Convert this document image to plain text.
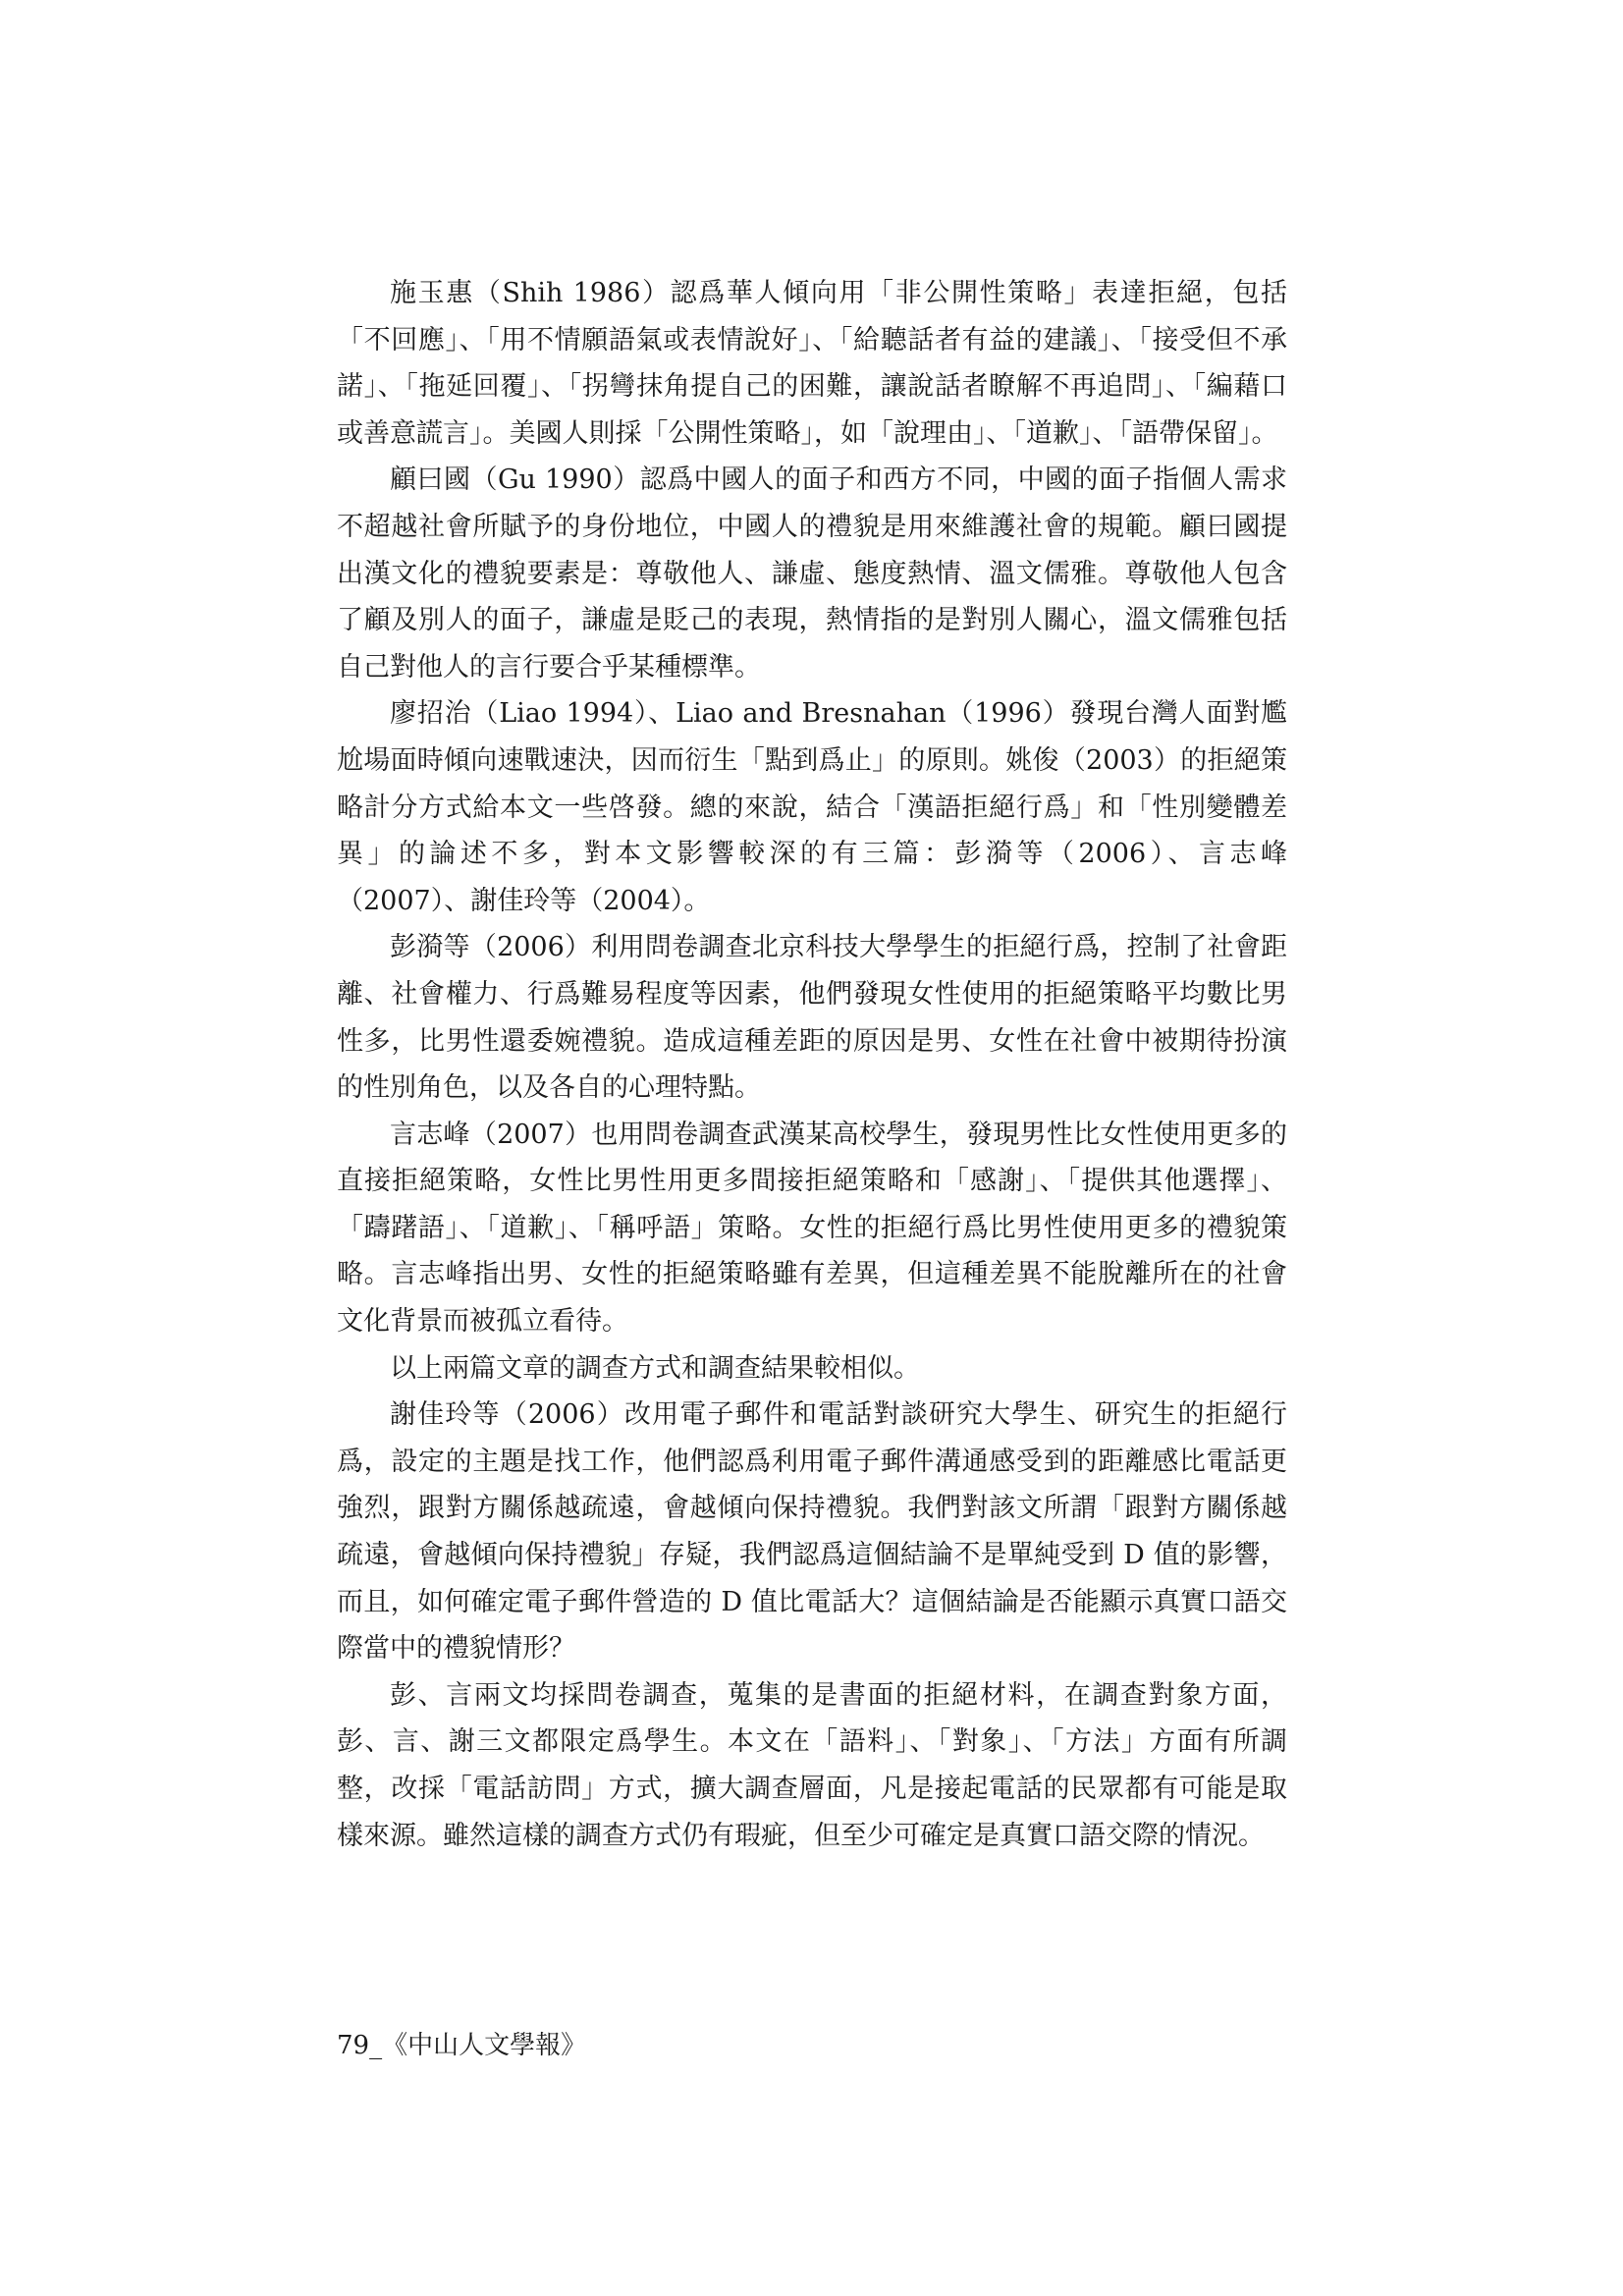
施玉惠（Shih 1986）認爲華人傾向用「非公開性策略」表達拒絕，包括「不回應」、「用不情願語氣或表情說好」、「給聽話者有益的建議」、「接受但不承諾」、「拖延回覆」、「拐彎抹角提自己的困難，讓說話者瞭解不再追問」、「編藉口或善意謊言」。美國人則採「公開性策略」，如「說理由」、「道歉」、「語帶保留」。

顧曰國（Gu 1990）認爲中國人的面子和西方不同，中國的面子指個人需求不超越社會所賦予的身份地位，中國人的禮貌是用來維護社會的規範。顧曰國提出漢文化的禮貌要素是：尊敬他人、謙虛、態度熱情、溫文儒雅。尊敬他人包含了顧及別人的面子，謙虛是貶己的表現，熱情指的是對別人關心，溫文儒雅包括自己對他人的言行要合乎某種標準。

廖招治（Liao 1994）、Liao and Bresnahan（1996）發現台灣人面對尷尬場面時傾向速戰速決，因而衍生「點到爲止」的原則。姚俊（2003）的拒絕策略計分方式給本文一些啓發。總的來說，結合「漢語拒絕行爲」和「性別變體差異」的論述不多，對本文影響較深的有三篇：彭漪等（2006）、言志峰（2007）、謝佳玲等（2004）。

彭漪等（2006）利用問卷調查北京科技大學學生的拒絕行爲，控制了社會距離、社會權力、行爲難易程度等因素，他們發現女性使用的拒絕策略平均數比男性多，比男性還委婉禮貌。造成這種差距的原因是男、女性在社會中被期待扮演的性別角色，以及各自的心理特點。

言志峰（2007）也用問卷調查武漢某高校學生，發現男性比女性使用更多的直接拒絕策略，女性比男性用更多間接拒絕策略和「感謝」、「提供其他選擇」、「躊躇語」、「道歉」、「稱呼語」策略。女性的拒絕行爲比男性使用更多的禮貌策略。言志峰指出男、女性的拒絕策略雖有差異，但這種差異不能脫離所在的社會文化背景而被孤立看待。

以上兩篇文章的調查方式和調查結果較相似。

謝佳玲等（2006）改用電子郵件和電話對談研究大學生、研究生的拒絕行爲，設定的主題是找工作，他們認爲利用電子郵件溝通感受到的距離感比電話更強烈，跟對方關係越疏遠，會越傾向保持禮貌。我們對該文所謂「跟對方關係越疏遠，會越傾向保持禮貌」存疑，我們認爲這個結論不是單純受到 D 值的影響，而且，如何確定電子郵件營造的 D 值比電話大？這個結論是否能顯示真實口語交際當中的禮貌情形？

彭、言兩文均採問卷調查，蒐集的是書面的拒絕材料，在調查對象方面，彭、言、謝三文都限定爲學生。本文在「語料」、「對象」、「方法」方面有所調整，改採「電話訪問」方式，擴大調查層面，凡是接起電話的民眾都有可能是取樣來源。雖然這樣的調查方式仍有瑕疵，但至少可確定是真實口語交際的情況。

79_《中山人文學報》
